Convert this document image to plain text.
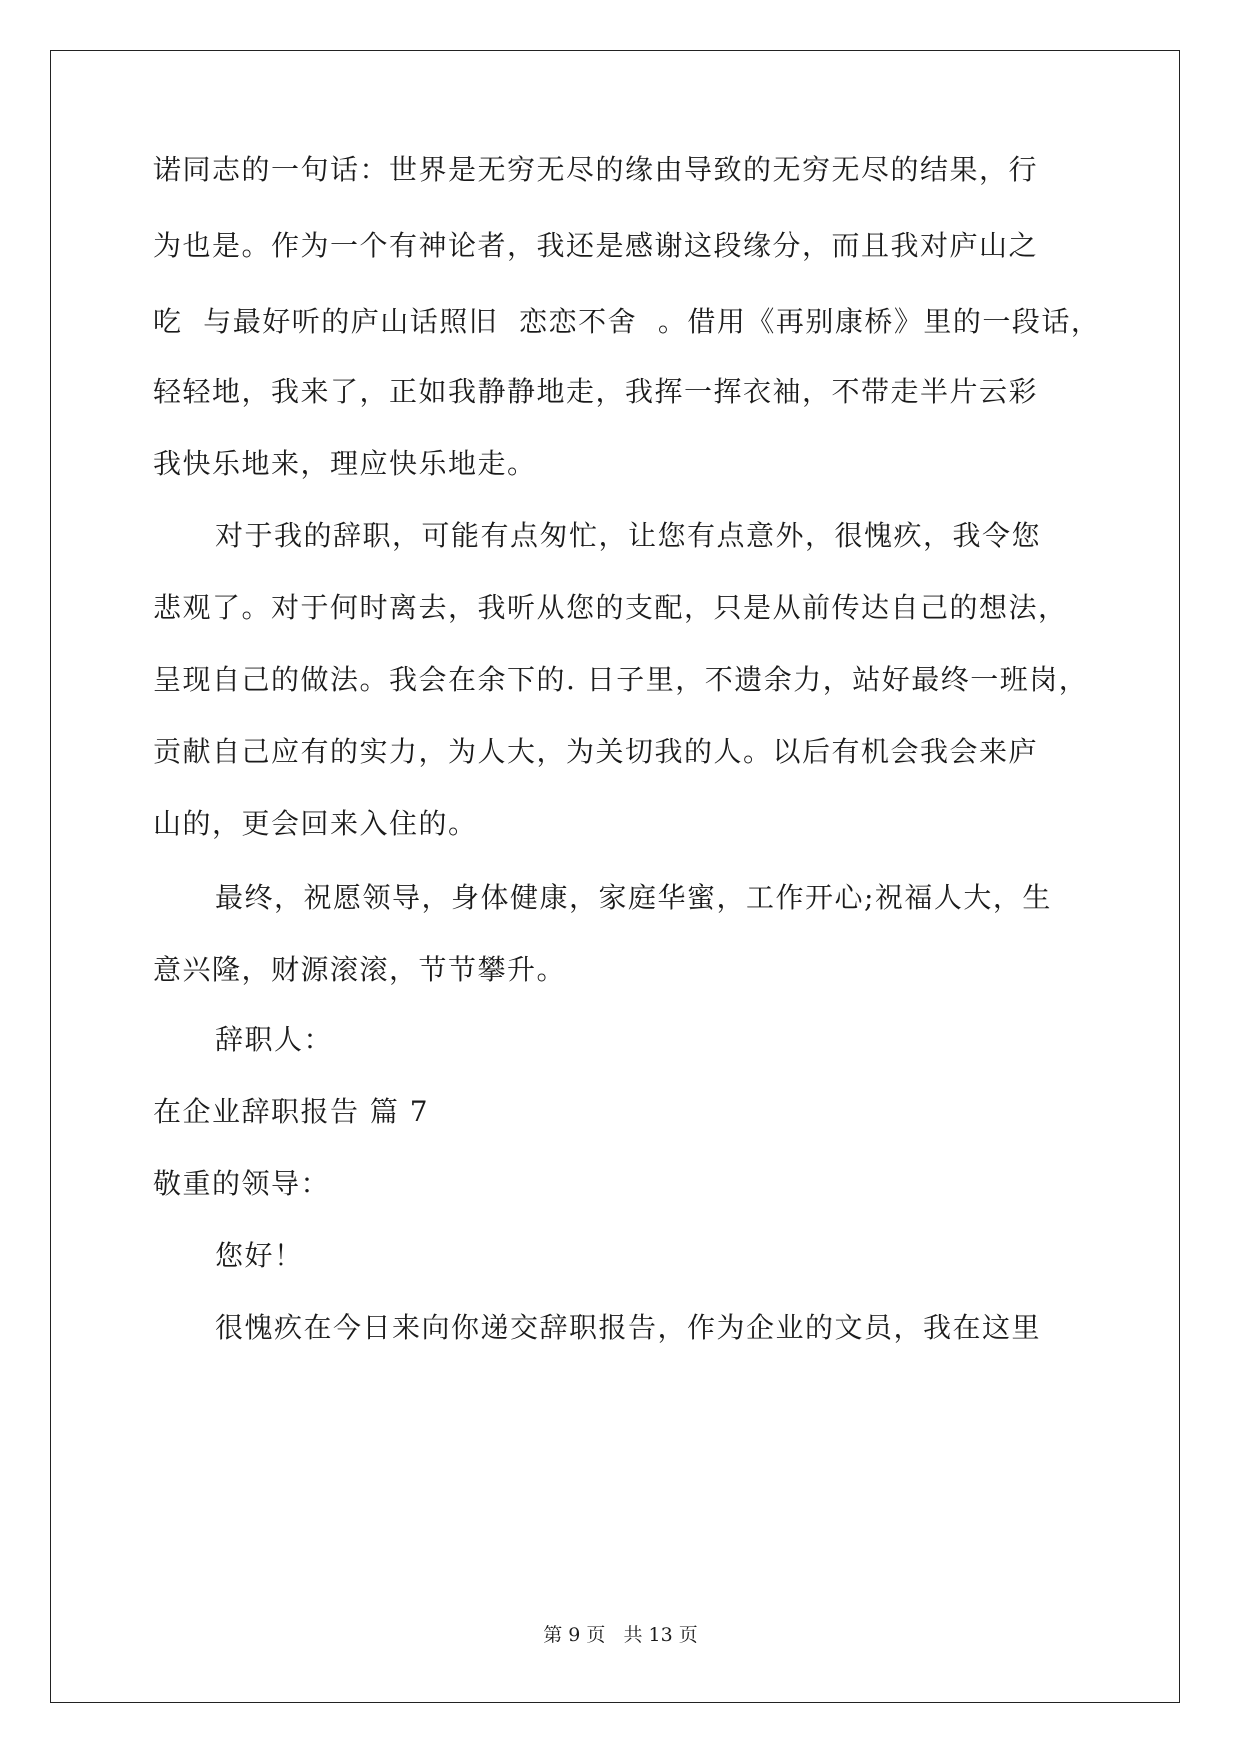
诺同志的一句话：世界是无穷无尽的缘由导致的无穷无尽的结果，行
为也是。作为一个有神论者，我还是感谢这段缘分，而且我对庐山之
吃  与最好听的庐山话照旧  恋恋不舍  。借用《再别康桥》里的一段话，
轻轻地，我来了，正如我静静地走，我挥一挥衣袖，不带走半片云彩
我快乐地来，理应快乐地走。
对于我的辞职，可能有点匆忙，让您有点意外，很愧疚，我令您
悲观了。对于何时离去，我听从您的支配，只是从前传达自己的想法，
呈现自己的做法。我会在余下的. 日子里，不遗余力，站好最终一班岗，
贡献自己应有的实力，为人大，为关切我的人。以后有机会我会来庐
山的，更会回来入住的。
最终，祝愿领导，身体健康，家庭华蜜，工作开心;祝福人大，生
意兴隆，财源滚滚，节节攀升。
辞职人：
在企业辞职报告 篇 7
敬重的领导：
您好！
很愧疚在今日来向你递交辞职报告，作为企业的文员，我在这里
第 9 页   共 13 页
